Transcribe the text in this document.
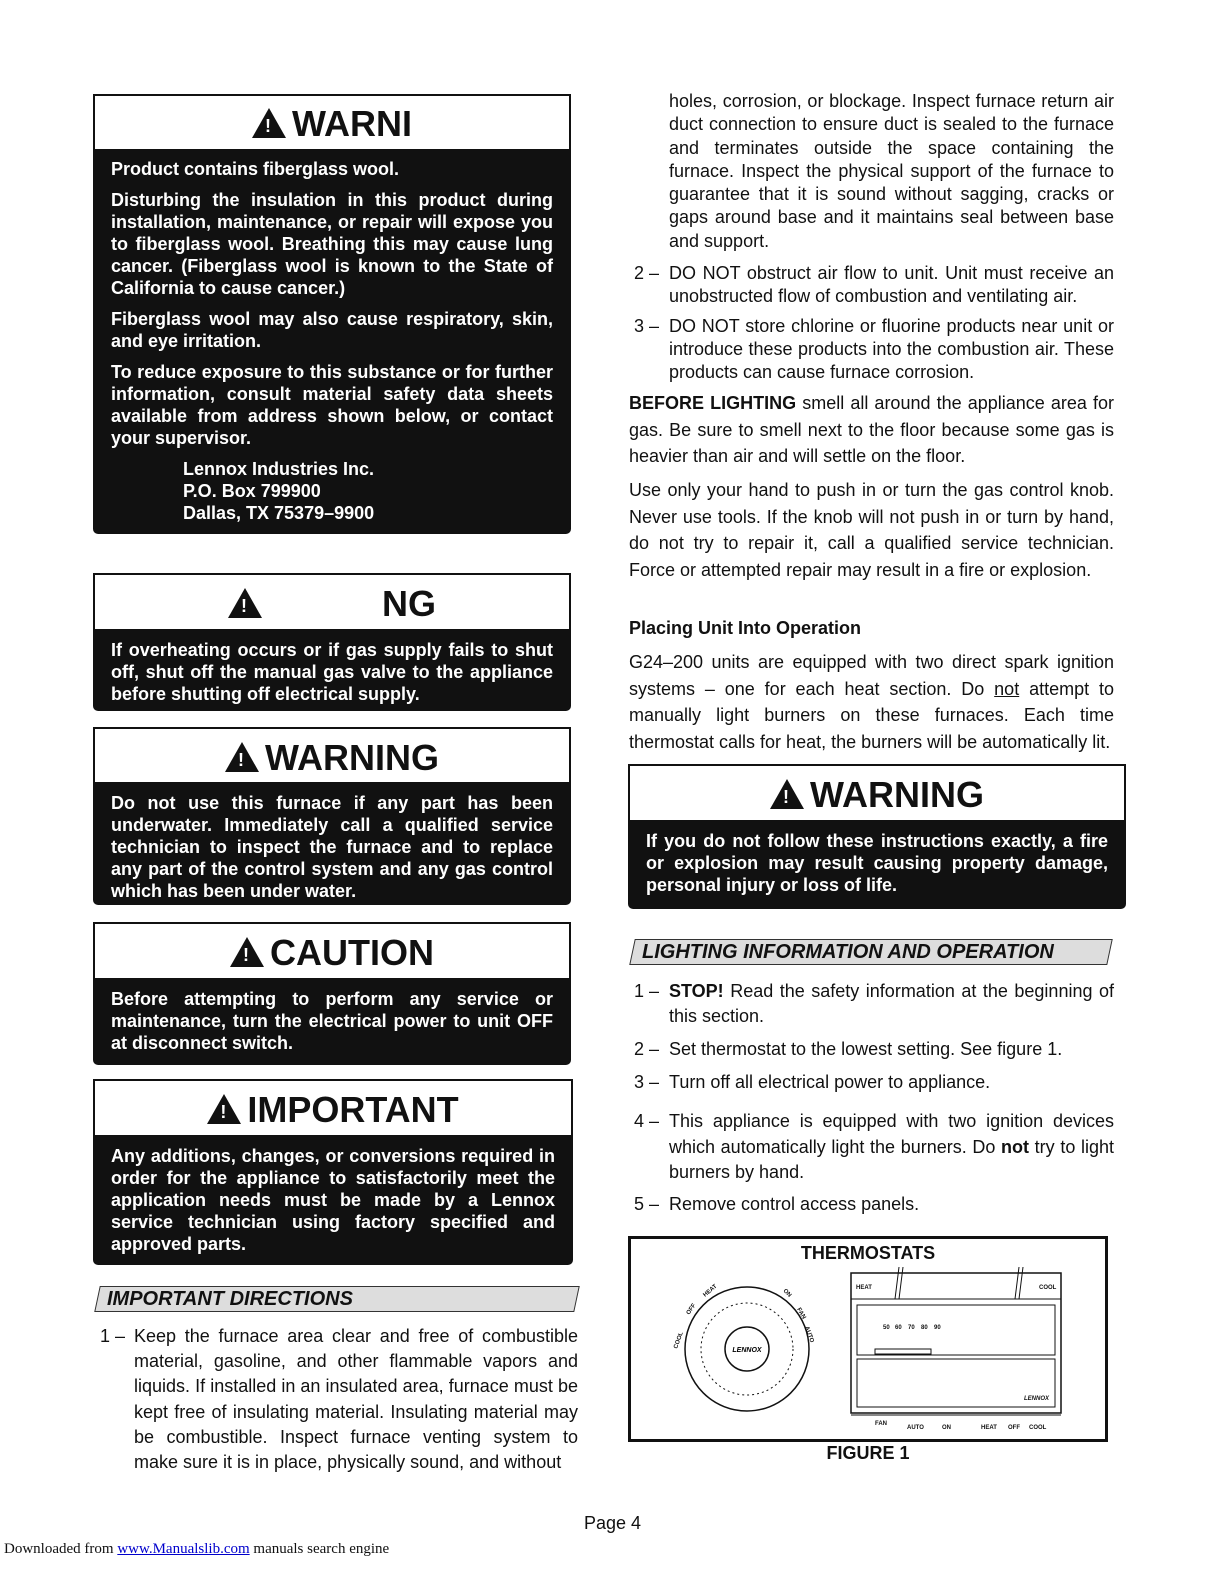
! WARNI

Product contains fiberglass wool.

Disturbing the insulation in this product during installation, maintenance, or repair will expose you to fiberglass wool. Breathing this may cause lung cancer. (Fiberglass wool is known to the State of California to cause cancer.)

Fiberglass wool may also cause respiratory, skin, and eye irritation.

To reduce exposure to this substance or for further information, consult material safety data sheets available from address shown below, or contact your supervisor.

Lennox Industries Inc.
P.O. Box 799900
Dallas, TX 75379–9900
!	NG

If overheating occurs or if gas supply fails to shut off, shut off the manual gas valve to the appliance before shutting off electrical supply.

! WARNING

Do not use this furnace if any part has been underwater. Immediately call a qualified service technician to inspect the furnace and to replace any part of the control system and any gas control which has been under water.

! CAUTION

Before attempting to perform any service or maintenance, turn the electrical power to unit OFF at disconnect switch.

! IMPORTANT

Any additions, changes, or conversions required in order for the appliance to satisfactorily meet the application needs must be made by a Lennox service technician using factory specified and approved parts.

IMPORTANT DIRECTIONS
1 – Keep the furnace area clear and free of combustible material, gasoline, and other flammable vapors and liquids. If installed in an insulated area, furnace must be kept free of insulating material. Insulating material may be combustible. Inspect furnace venting system to make sure it is in place, physically sound, and without
holes, corrosion, or blockage. Inspect furnace return air duct connection to ensure duct is sealed to the furnace and terminates outside the space containing the furnace. Inspect the physical support of the furnace to guarantee that it is sound without sagging, cracks or gaps around base and it maintains seal between base and support.
2 – DO NOT obstruct air flow to unit. Unit must receive an unobstructed flow of combustion and ventilating air.
3 – DO NOT store chlorine or fluorine products near unit or introduce these products into the combustion air. These products can cause furnace corrosion.
BEFORE LIGHTING smell all around the appliance area for gas. Be sure to smell next to the floor because some gas is heavier than air and will settle on the floor.
Use only your hand to push in or turn the gas control knob. Never use tools. If the knob will not push in or turn by hand, do not try to repair it, call a qualified service technician. Force or attempted repair may result in a fire or explosion.
Placing Unit Into Operation
G24–200 units are equipped with two direct spark ignition systems – one for each heat section. Do not attempt to manually light burners on these furnaces. Each time thermostat calls for heat, the burners will be automatically lit.
! WARNING

If you do not follow these instructions exactly, a fire or explosion may result causing property damage, personal injury or loss of life.

LIGHTING INFORMATION AND OPERATION
1 – STOP! Read the safety information at the beginning of this section.
2 – Set thermostat to the lowest setting. See figure 1.
3 – Turn off all electrical power to appliance.
4 – This appliance is equipped with two ignition devices which automatically light the burners. Do not try to light burners by hand.
5 – Remove control access panels.
THERMOSTATS
LENNOX
COOL
OFF
HEAT	ON
FAN
AUTO
HEAT	COOL
50 60 70 80 90
LENNOX
FAN
AUTO	ON	HEAT OFF COOL
FIGURE 1
Page 4
Downloaded from www.Manualslib.com manuals search engine
